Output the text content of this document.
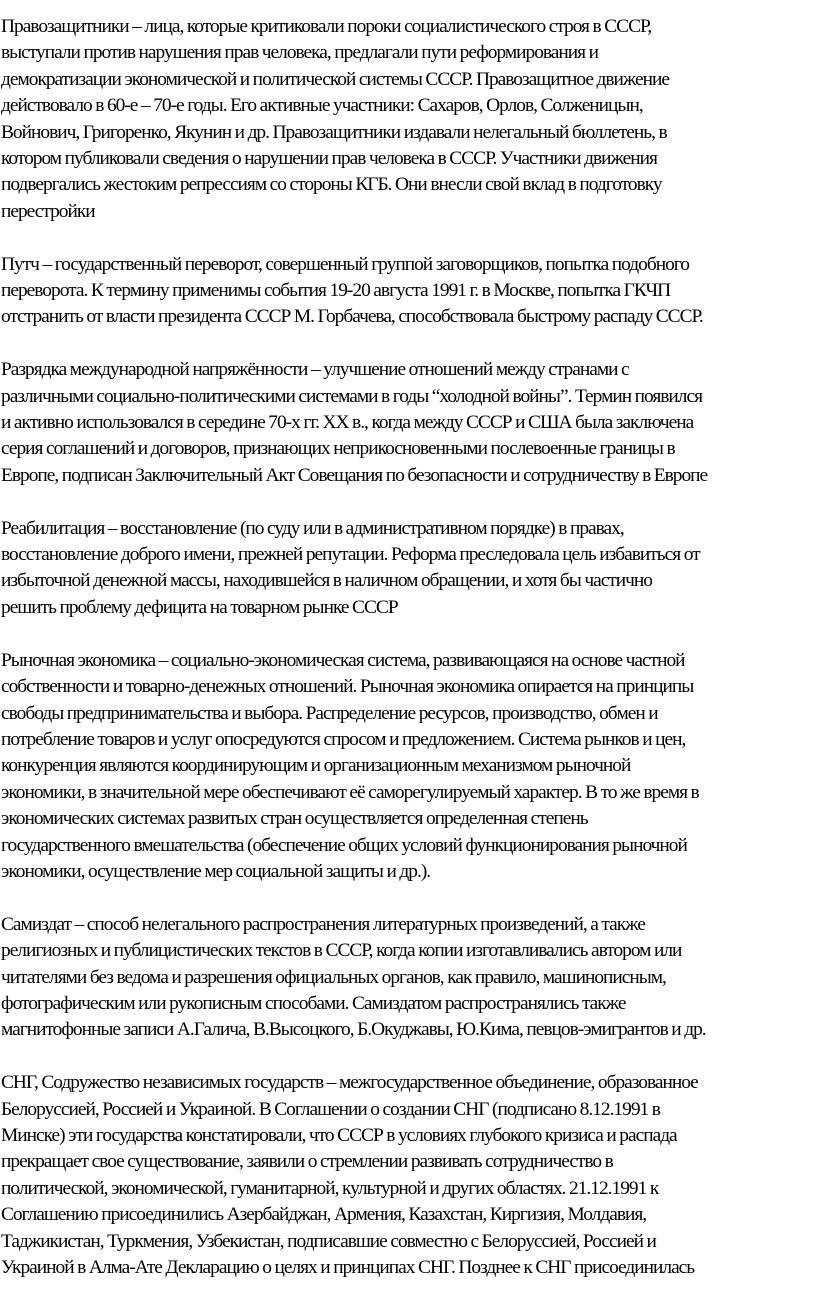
Правозащитники – лица, которые критиковали пороки социалистического строя в СССР,
выступали против нарушения прав человека, предлагали пути реформирования и
демократизации экономической и политической системы СССР. Правозащитное движение
действовало в 60-е – 70-е годы. Его активные участники: Сахаров, Орлов, Солженицын,
Войнович, Григоренко, Якунин и др. Правозащитники издавали нелегальный бюллетень, в
котором публиковали сведения о нарушении прав человека в СССР. Участники движения
подвергались жестоким репрессиям со стороны КГБ. Они внесли свой вклад в подготовку
перестройки
Путч – государственный переворот, совершенный группой заговорщиков, попытка подобного
переворота. К термину применимы события 19-20 августа 1991 г. в Москве, попытка ГКЧП
отстранить от власти президента СССР М. Горбачева, способствовала быстрому распаду СССР.
Разрядка международной напряжённости – улучшение отношений между странами с
различными социально-политическими системами в годы “холодной войны”. Термин появился
и активно использовался в середине 70-х гг. XX в., когда между СССР и США была заключена
серия соглашений и договоров, признающих неприкосновенными послевоенные границы в
Европе, подписан Заключительный Акт Совещания по безопасности и сотрудничеству в Европе
Реабилитация – восстановление (по суду или в административном порядке) в правах,
восстановление доброго имени, прежней репутации. Реформа преследовала цель избавиться от
избыточной денежной массы, находившейся в наличном обращении, и хотя бы частично
решить проблему дефицита на товарном рынке СССР
Рыночная экономика – социально-экономическая система, развивающаяся на основе частной
собственности и товарно-денежных отношений. Рыночная экономика опирается на принципы
свободы предпринимательства и выбора. Распределение ресурсов, производство, обмен и
потребление товаров и услуг опосредуются спросом и предложением. Система рынков и цен,
конкуренция являются координирующим и организационным механизмом рыночной
экономики, в значительной мере обеспечивают её саморегулируемый характер. В то же время в
экономических системах развитых стран осуществляется определенная степень
государственного вмешательства (обеспечение общих условий функционирования рыночной
экономики, осуществление мер социальной защиты и др.).
Самиздат – способ нелегального распространения литературных произведений, а также
религиозных и публицистических текстов в СССР, когда копии изготавливались автором или
читателями без ведома и разрешения официальных органов, как правило, машинописным,
фотографическим или рукописным способами. Самиздатом распространялись также
магнитофонные записи А.Галича, В.Высоцкого, Б.Окуджавы, Ю.Кима, певцов-эмигрантов и др.
СНГ, Содружество независимых государств – межгосударственное объединение, образованное
Белоруссией, Россией и Украиной. В Соглашении о создании СНГ (подписано 8.12.1991 в
Минске) эти государства констатировали, что СССР в условиях глубокого кризиса и распада
прекращает свое существование, заявили о стремлении развивать сотрудничество в
политической, экономической, гуманитарной, культурной и других областях. 21.12.1991 к
Соглашению присоединились Азербайджан, Армения, Казахстан, Киргизия, Молдавия,
Таджикистан, Туркмения, Узбекистан, подписавшие совместно с Белоруссией, Россией и
Украиной в Алма-Ате Декларацию о целях и принципах СНГ. Позднее к СНГ присоединилась
